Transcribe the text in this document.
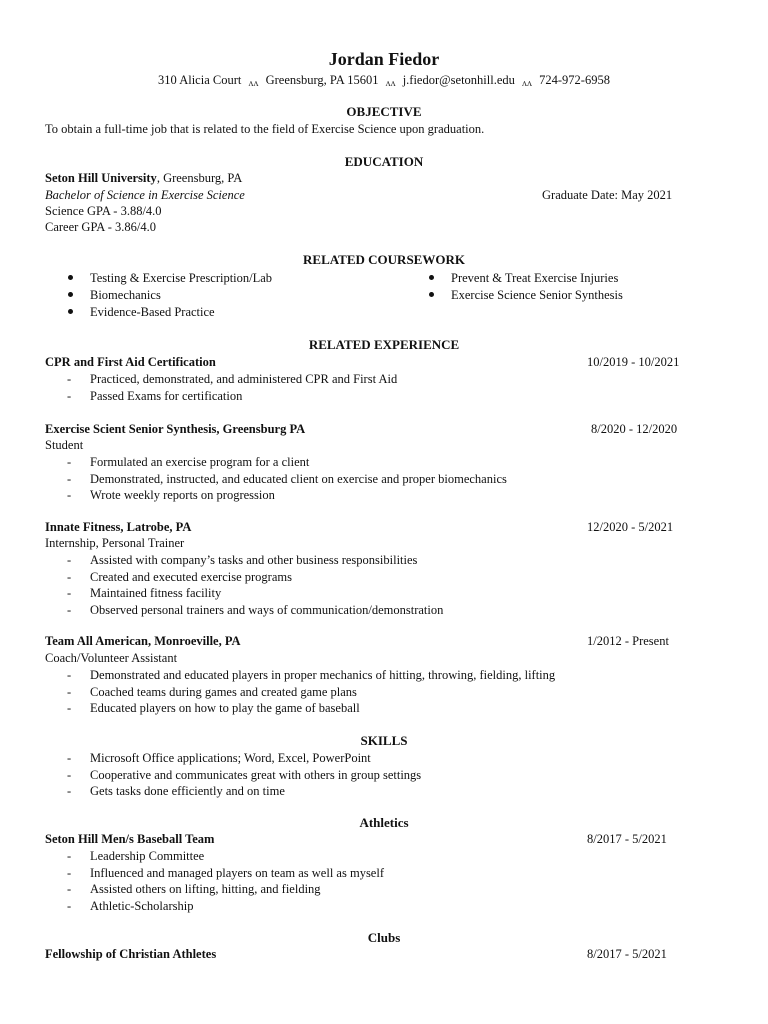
Jordan Fiedor
310 Alicia Court ʌʌ Greensburg, PA 15601 ʌʌ j.fiedor@setonhill.edu ʌʌ 724-972-6958
OBJECTIVE
To obtain a full-time job that is related to the field of Exercise Science upon graduation.
EDUCATION
Seton Hill University, Greensburg, PA
Bachelor of Science in Exercise Science	Graduate Date: May 2021
Science GPA - 3.88/4.0
Career GPA - 3.86/4.0
RELATED COURSEWORK
Testing & Exercise Prescription/Lab
Biomechanics
Evidence-Based Practice
Prevent & Treat Exercise Injuries
Exercise Science Senior Synthesis
RELATED EXPERIENCE
CPR and First Aid Certification	10/2019 - 10/2021
- Practiced, demonstrated, and administered CPR and First Aid
- Passed Exams for certification
Exercise Scient Senior Synthesis, Greensburg PA	8/2020 - 12/2020
Student
- Formulated an exercise program for a client
- Demonstrated, instructed, and educated client on exercise and proper biomechanics
- Wrote weekly reports on progression
Innate Fitness, Latrobe, PA	12/2020 - 5/2021
Internship, Personal Trainer
- Assisted with company’s tasks and other business responsibilities
- Created and executed exercise programs
- Maintained fitness facility
- Observed personal trainers and ways of communication/demonstration
Team All American, Monroeville, PA	1/2012 - Present
Coach/Volunteer Assistant
- Demonstrated and educated players in proper mechanics of hitting, throwing, fielding, lifting
- Coached teams during games and created game plans
- Educated players on how to play the game of baseball
SKILLS
- Microsoft Office applications; Word, Excel, PowerPoint
- Cooperative and communicates great with others in group settings
- Gets tasks done efficiently and on time
Athletics
Seton Hill Men/s Baseball Team	8/2017 - 5/2021
- Leadership Committee
- Influenced and managed players on team as well as myself
- Assisted others on lifting, hitting, and fielding
- Athletic-Scholarship
Clubs
Fellowship of Christian Athletes	8/2017 - 5/2021
